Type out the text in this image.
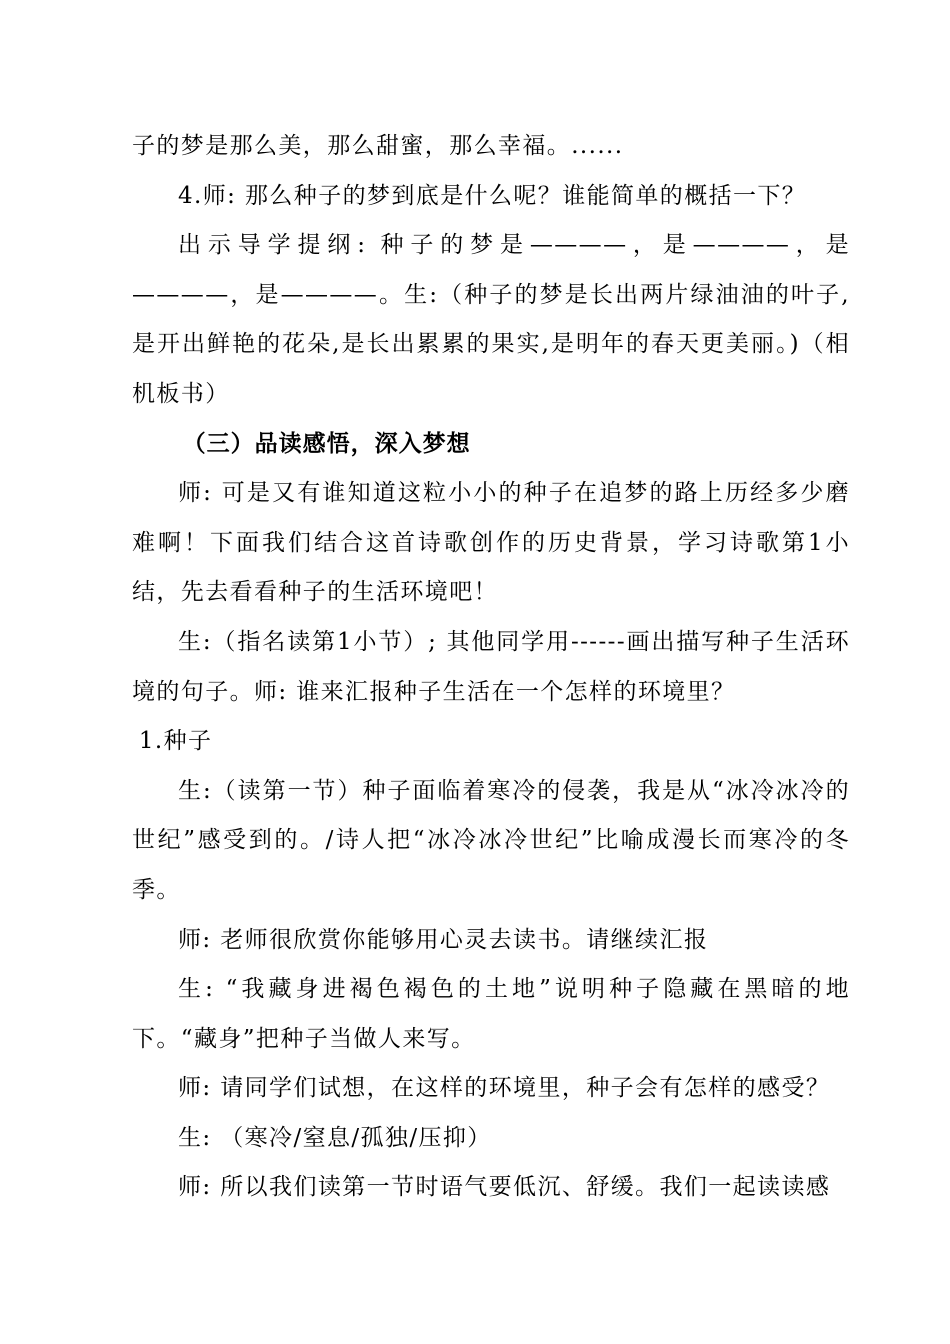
子的梦是那么美，那么甜蜜，那么幸福。......

4.师: 那么种子的梦到底是什么呢？谁能简单的概括一下？

出示导学提纲: 种子的梦是————，是————，是————，是————。生:（种子的梦是长出两片绿油油的叶子,是开出鲜艳的花朵,是长出累累的果实,是明年的春天更美丽。)（相机板书）

（三）品读感悟，深入梦想

师: 可是又有谁知道这粒小小的种子在追梦的路上历经多少磨难啊！下面我们结合这首诗歌创作的历史背景，学习诗歌第1小结，先去看看种子的生活环境吧！

生:（指名读第1小节）; 其他同学用------画出描写种子生活环境的句子。师: 谁来汇报种子生活在一个怎样的环境里？

1.种子

生:（读第一节）种子面临着寒冷的侵袭，我是从“冰冷冰冷的世纪”感受到的。/诗人把“冰冷冰冷世纪”比喻成漫长而寒冷的冬季。

师: 老师很欣赏你能够用心灵去读书。请继续汇报

生: “我藏身进褐色褐色的土地”说明种子隐藏在黑暗的地下。“藏身”把种子当做人来写。

师: 请同学们试想，在这样的环境里，种子会有怎样的感受？

生: （寒冷/窒息/孤独/压抑）

师: 所以我们读第一节时语气要低沉、舒缓。我们一起读读感
